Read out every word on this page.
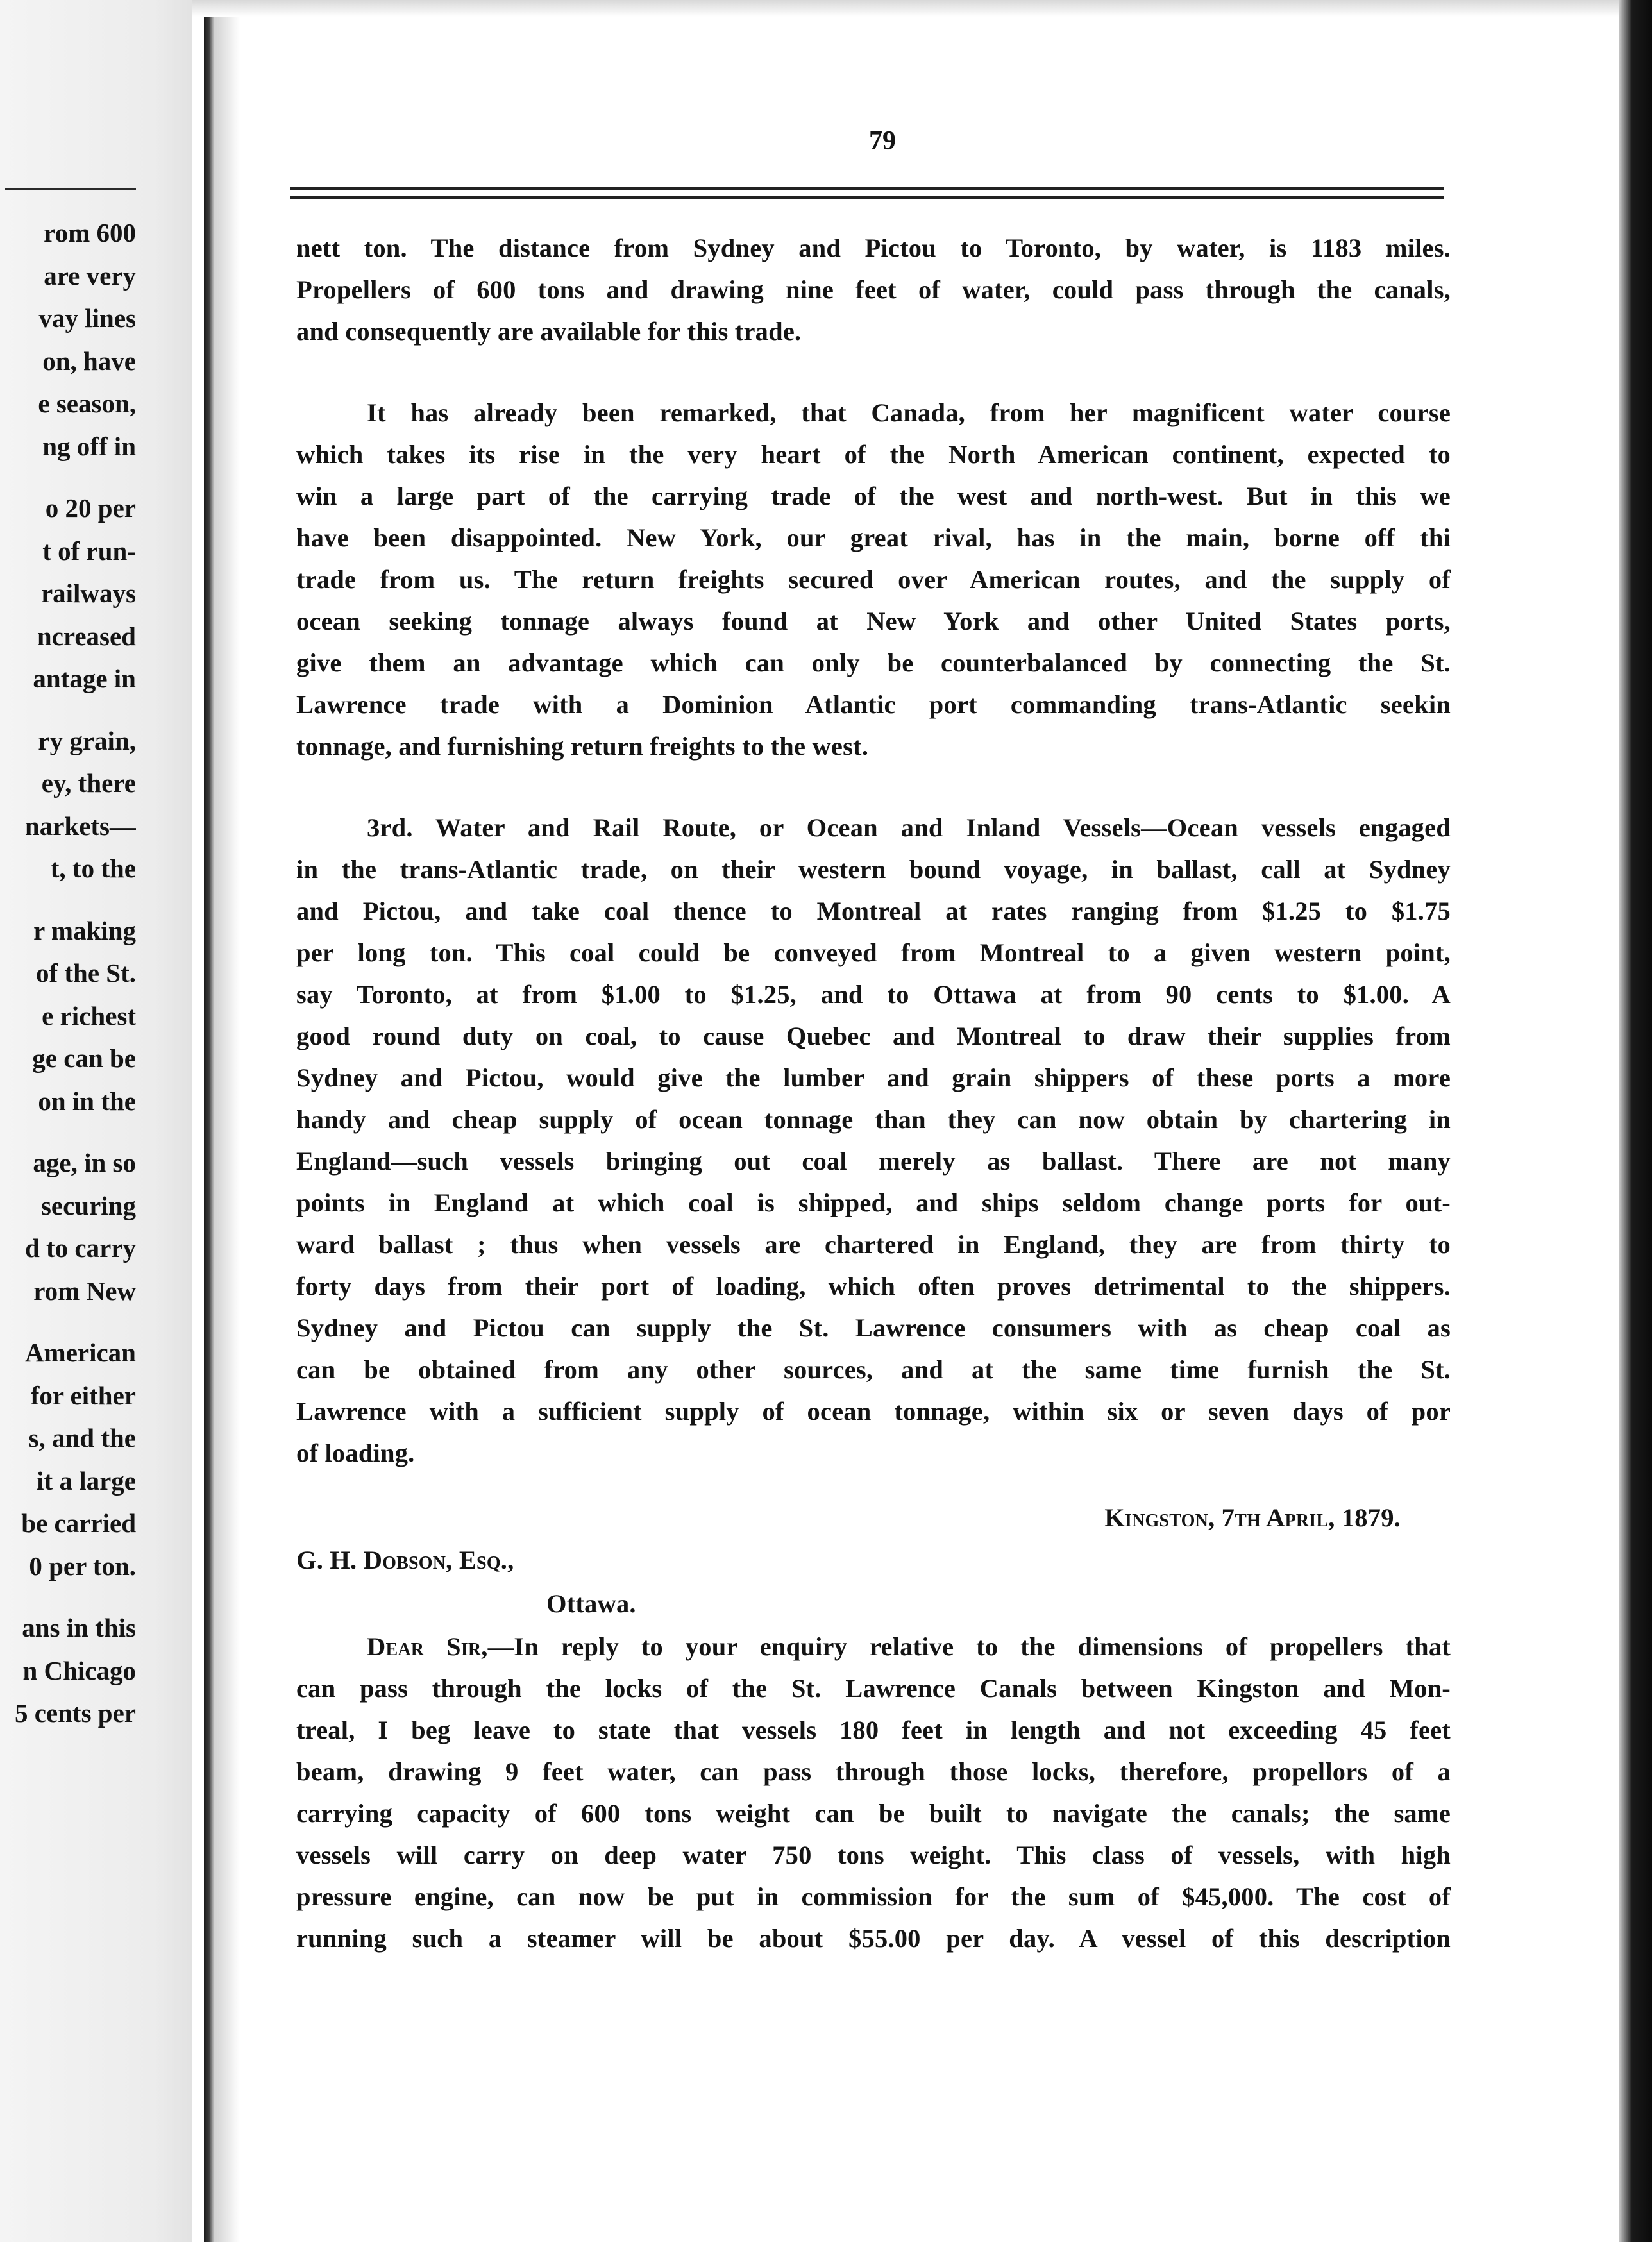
rom 600
are very
vay lines
on, have
e season,
ng off in
o 20 per
t of run-
railways
ncreased
antage in
ry grain,
ey, there
narkets—
t, to the
r making
of the St.
e richest
ge can be
on in the
age, in so
securing
d to carry
rom New
American
for either
s, and the
it a large
be carried
0 per ton.
ans in this
n Chicago
5 cents per
79
nett ton. The distance from Sydney and Pictou to Toronto, by water, is 1183 miles.
Propellers of 600 tons and drawing nine feet of water, could pass through the canals,
and consequently are available for this trade.
It has already been remarked, that Canada, from her magnificent water course
which takes its rise in the very heart of the North American continent, expected to
win a large part of the carrying trade of the west and north-west. But in this we
have been disappointed. New York, our great rival, has in the main, borne off thi
trade from us. The return freights secured over American routes, and the supply of
ocean seeking tonnage always found at New York and other United States ports,
give them an advantage which can only be counterbalanced by connecting the St.
Lawrence trade with a Dominion Atlantic port commanding trans-Atlantic seekin
tonnage, and furnishing return freights to the west.
3rd. Water and Rail Route, or Ocean and Inland Vessels—Ocean vessels engaged
in the trans-Atlantic trade, on their western bound voyage, in ballast, call at Sydney
and Pictou, and take coal thence to Montreal at rates ranging from $1.25 to $1.75
per long ton. This coal could be conveyed from Montreal to a given western point,
say Toronto, at from $1.00 to $1.25, and to Ottawa at from 90 cents to $1.00. A
good round duty on coal, to cause Quebec and Montreal to draw their supplies from
Sydney and Pictou, would give the lumber and grain shippers of these ports a more
handy and cheap supply of ocean tonnage than they can now obtain by chartering in
England—such vessels bringing out coal merely as ballast. There are not many
points in England at which coal is shipped, and ships seldom change ports for out-
ward ballast ; thus when vessels are chartered in England, they are from thirty to
forty days from their port of loading, which often proves detrimental to the shippers.
Sydney and Pictou can supply the St. Lawrence consumers with as cheap coal as
can be obtained from any other sources, and at the same time furnish the St.
Lawrence with a sufficient supply of ocean tonnage, within six or seven days of por
of loading.
Kingston, 7th April, 1879.
G. H. Dobson, Esq.,
Ottawa.
Dear Sir,—In reply to your enquiry relative to the dimensions of propellers that
can pass through the locks of the St. Lawrence Canals between Kingston and Mon-
treal, I beg leave to state that vessels 180 feet in length and not exceeding 45 feet
beam, drawing 9 feet water, can pass through those locks, therefore, propellors of a
carrying capacity of 600 tons weight can be built to navigate the canals; the same
vessels will carry on deep water 750 tons weight. This class of vessels, with high
pressure engine, can now be put in commission for the sum of $45,000. The cost of
running such a steamer will be about $55.00 per day. A vessel of this description
